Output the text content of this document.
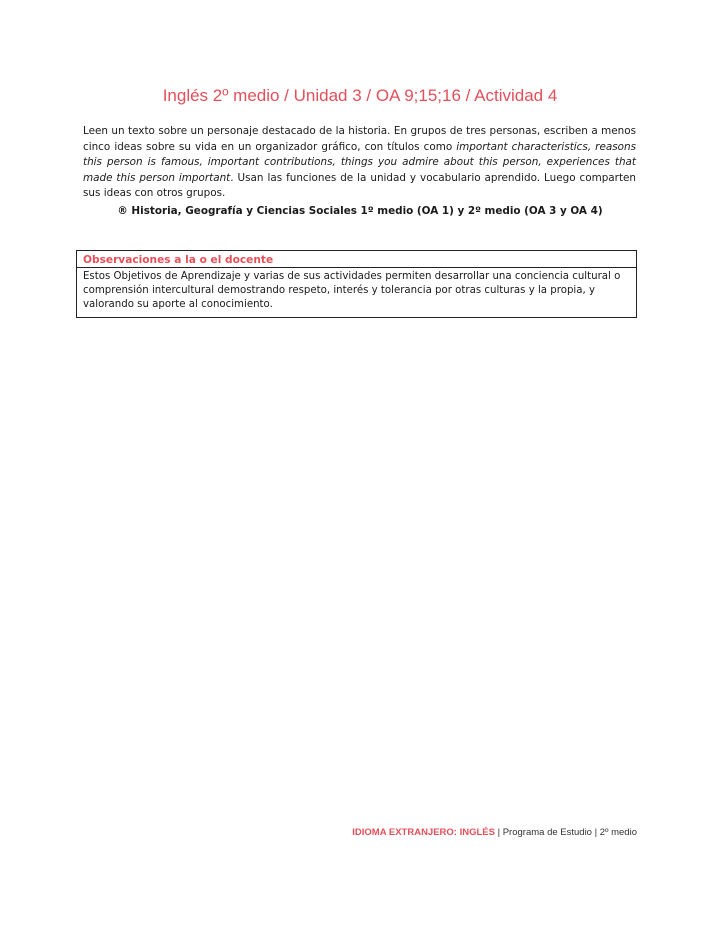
Inglés 2º medio / Unidad 3 / OA 9;15;16 / Actividad 4
Leen un texto sobre un personaje destacado de la historia. En grupos de tres personas, escriben a menos cinco ideas sobre su vida en un organizador gráfico, con títulos como important characteristics, reasons this person is famous, important contributions, things you admire about this person, experiences that made this person important. Usan las funciones de la unidad y vocabulario aprendido. Luego comparten sus ideas con otros grupos.
® Historia, Geografía y Ciencias Sociales 1º medio (OA 1) y 2º medio (OA 3 y OA 4)
Observaciones a la o el docente
Estos Objetivos de Aprendizaje y varias de sus actividades permiten desarrollar una conciencia cultural o comprensión intercultural demostrando respeto, interés y tolerancia por otras culturas y la propia, y valorando su aporte al conocimiento.
IDIOMA EXTRANJERO: INGLÉS | Programa de Estudio | 2º medio
